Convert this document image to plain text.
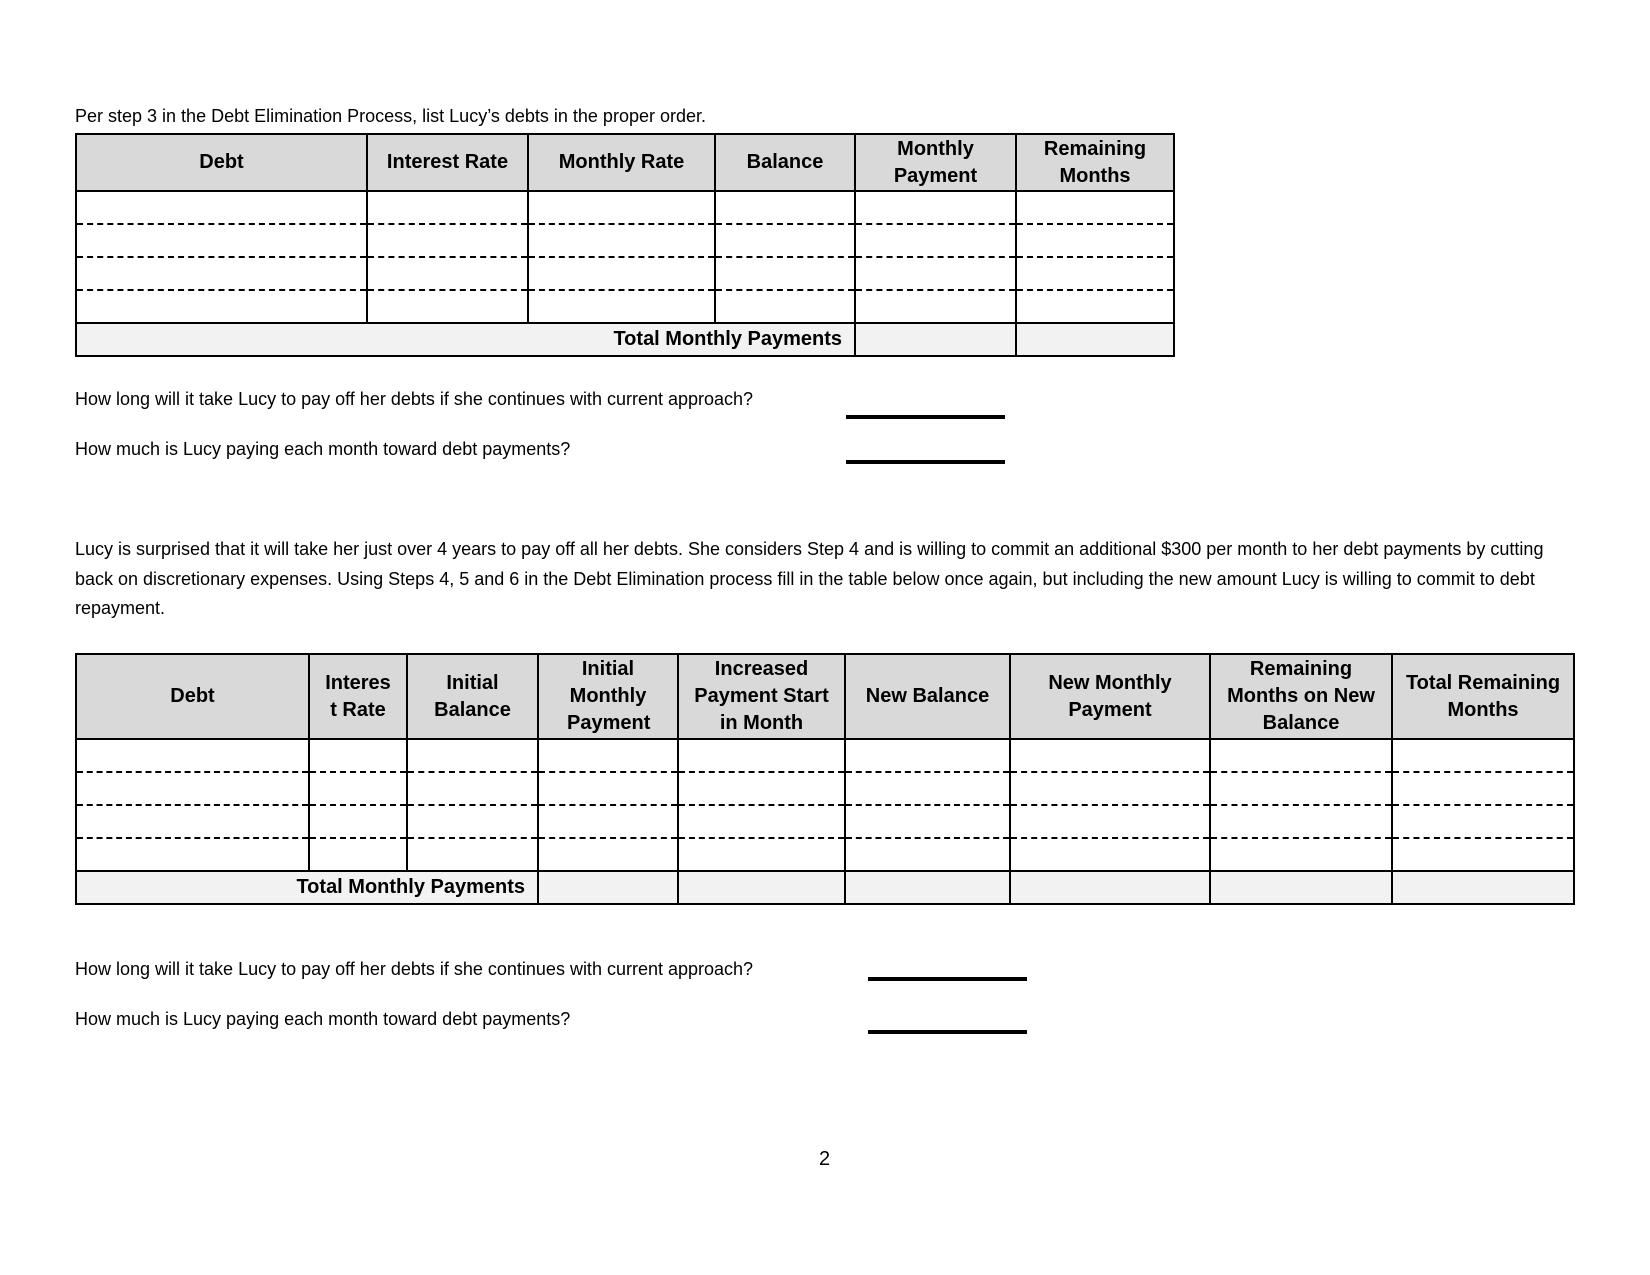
Per step 3 in the Debt Elimination Process, list Lucy’s debts in the proper order.
Debt	Interest Rate	Monthly Rate	Balance	Monthly Payment	Remaining Months

Total Monthly Payments					
How long will it take Lucy to pay off her debts if she continues with current approach?
How much is Lucy paying each month toward debt payments?
Lucy is surprised that it will take her just over 4 years to pay off all her debts. She considers Step 4 and is willing to commit an additional $300 per month to her debt payments by cutting back on discretionary expenses. Using Steps 4, 5 and 6 in the Debt Elimination process fill in the table below once again, but including the new amount Lucy is willing to commit to debt repayment.
Debt	Interes t Rate	Initial Balance	Initial Monthly Payment	Increased Payment Start in Month	New Balance	New Monthly Payment	Remaining Months on New Balance	Total Remaining Months

Total Monthly Payments								
How long will it take Lucy to pay off her debts if she continues with current approach?
How much is Lucy paying each month toward debt payments?
2
